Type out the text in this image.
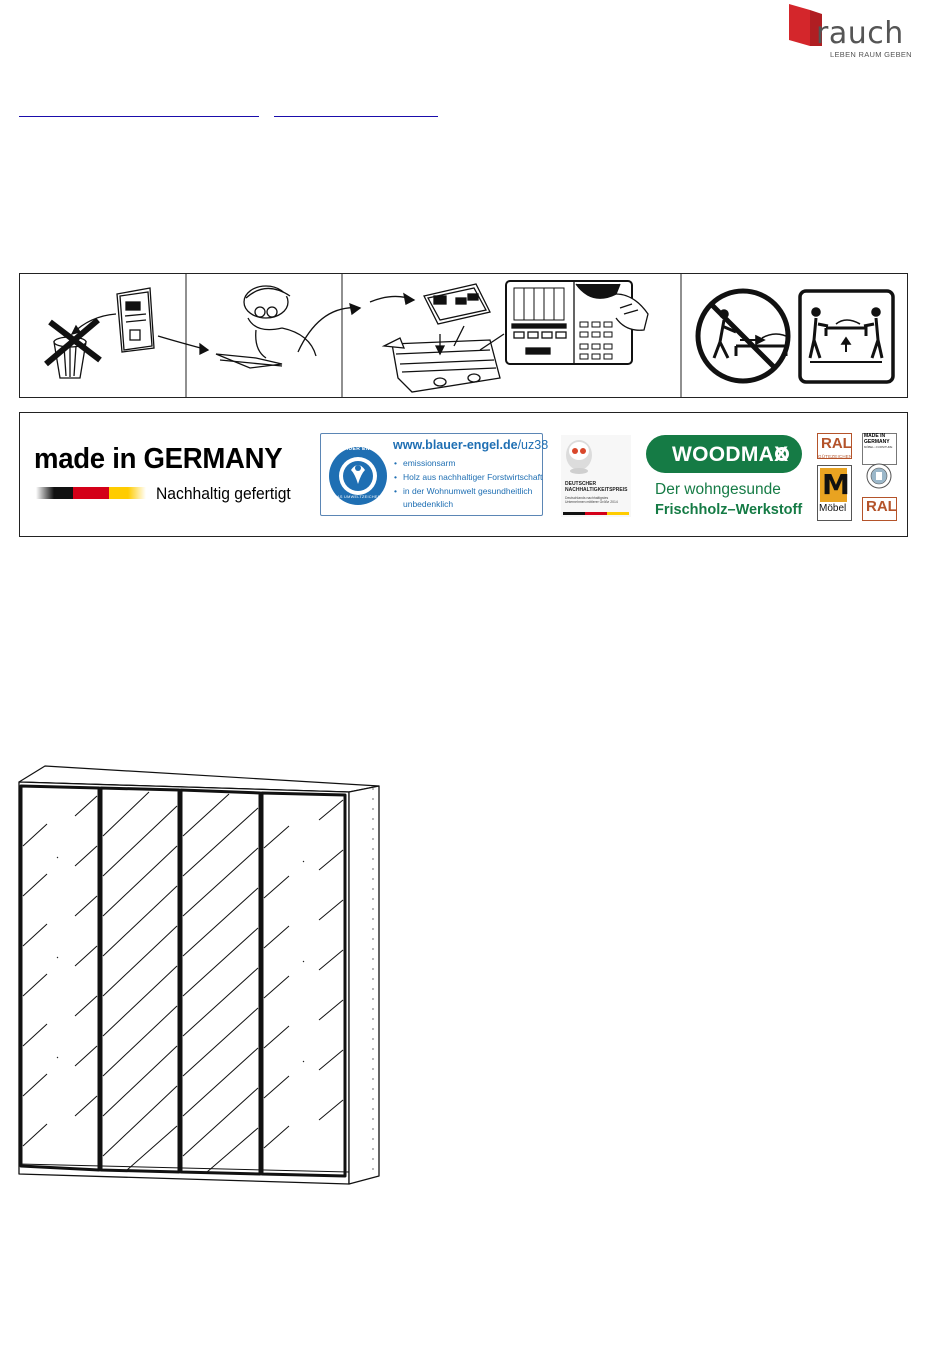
rauch
LEBEN RAUM GEBEN
made in GERMANY
Nachhaltig gefertigt
BLAUER ENGEL
DAS UMWELTZEICHEN
www.blauer-engel.de/uz38
• emissionsarm
• Holz aus nachhaltiger Forstwirtschaft
• in der Wohnumwelt gesundheitlich
unbedenklich
DEUTSCHER
NACHHALTIGKEITSPREIS
Deutschlands nachhaltigstes Unternehmen mittlerer Größe 2014
WOODMAX
Der wohngesunde
Frischholz–Werkstoff
RAL
GÜTEZEICHEN
M
Möbel
MADE IN
GERMANY
MÖBEL • FURNITURE
RAL
